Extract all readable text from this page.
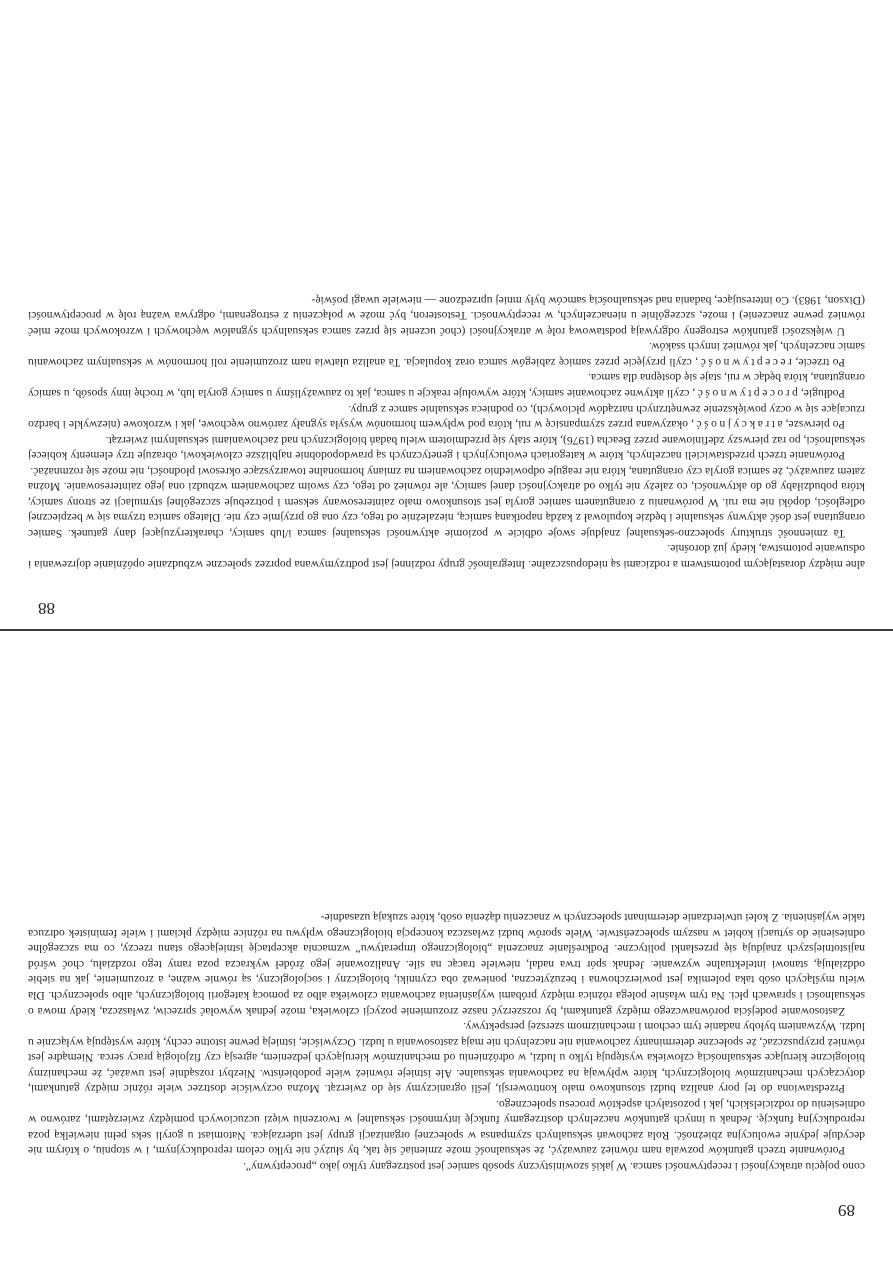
88

alne między dorastającym potomstwem a rodzicami są niedopuszczalne. Integralność grupy rodzinnej jest podtrzymywana poprzez społeczne wzbudzanie opóźnianie dojrzewania i odsuwanie potomstwa, kiedy już dorośnie.

Ta zmienność struktury społeczno-seksualnej znajduje swoje odbicie w poziomie aktywności seksualnej samca i/lub samicy, charakteryzującej dany gatunek. Samiec orangutana jest dość aktywny seksualnie i będzie kopulował z każdą napotkaną samicą, niezależnie od tego, czy ona go przyjmie czy nie. Dlatego samica trzyma się w bezpiecznej odległości, dopóki nie ma rui. W porównaniu z orangutanem samiec goryla jest stosunkowo mało zainteresowany seksem i potrzebuje szczególnej stymulacji ze strony samicy, która pobudziłaby go do aktywności, co zależy nie tylko od atrakcyjności danej samicy, ale również od tego, czy swoim zachowaniem wzbudzi ona jego zainteresowanie. Można zatem zauważyć, że samica goryla czy orangutana, która nie reaguje odpowiednio zachowaniem na zmiany hormonalne towarzyszące okresowi płodności, nie może się rozmnażać.

Porównanie trzech przedstawicieli naczelnych, które w kategoriach ewolucyjnych i genetycznych są prawdopodobnie najbliższe człowiekowi, obrazuje trzy elementy kobiecej seksualności, po raz pierwszy zdefiniowane przez Beacha (1976), które stały się przedmiotem wielu badań biologicznych nad zachowaniami seksualnymi zwierząt.

Po pierwsze, atrakcyjność, okazywana przez szympansicę w rui, która pod wpływem hormonów wysyła sygnały zarówno węchowe, jak i wzrokowe (niezwykle i bardzo rzucające się w oczy powiększenie zewnętrznych narządów płciowych), co podnieca seksualnie samce z grupy.

Podługie, proceptywność, czyli aktywne zachowanie samicy, które wywołuje reakcje u samca, jak to zauważyliśmy u samicy goryla lub, w trochę inny sposób, u samicy orangutana, która będąc w rui, staje się dostępna dla samca.

Po trzecie, receptywność, czyli przyjęcie przez samicę zabiegów samca oraz kopulacja. Ta analiza ułatwia nam zrozumienie roli hormonów w seksualnym zachowaniu samic naczelnych, jak również innych ssaków.

U większości gatunków estrogeny odgrywają podstawową rolę w atrakcyjności (choć uczenie się przez samca seksualnych sygnałów węchowych i wzrokowych może mieć również pewne znaczenie) i może, szczególnie u nienaczelnych, w receptywności. Testosteron, być może w połączeniu z estrogenami, odgrywa ważną rolę w proceptywności (Dixson, 1983). Co interesujące, badania nad seksualnością samców były mniej uprzedzone — niewiele uwagi poświę-

89

cono pojęciu atrakcyjności i receptywności samca. W jakiś szowinistyczny sposób samiec jest postrzegany tylko jako „proceptywny”.

Porównanie trzech gatunków pozwala nam również zauważyć, że seksualność może zmieniać się tak, by służyć nie tylko celom reprodukcyjnym, i w stopniu, o którym nie decyduje jedynie ewolucyjna zbieżność. Rola zachowań seksualnych szympansa w społecznej organizacji grupy jest uderzająca. Natomiast u goryli seks pełni niewielką poza reprodukcyjną funkcję. Jednak u innych gatunków naczelnych dostrzegamy funkcję intymności seksualnej w tworzeniu więzi uczuciowych pomiędzy zwierzętami, zarówno w odniesieniu do rodzicielskich, jak i pozostałych aspektów procesu społecznego.

Przedstawiona do tej pory analiza budzi stosunkowo mało kontrowersji, jeśli ograniczymy się do zwierząt. Można oczywiście dostrzec wiele różnic między gatunkami, dotyczących mechanizmów biologicznych, które wpływają na zachowania seksualne. Ale istnieje również wiele podobieństw. Niezbyt rozsądnie jest uważać, że mechanizmy biologiczne kierujące seksualnością człowieka występują tylko u ludzi, w odróżnieniu od mechanizmów kierujących jedzeniem, agresją czy fizjologią pracy serca. Niemądre jest również przypuszczać, że społeczne determinanty zachowania nie naczelnych nie mają zastosowania u ludzi. Oczywiście, istnieją pewne istotne cechy, które występują wyłącznie u ludzi. Wyzwaniem byłoby nadanie tym cechom i mechanizmom szerszej perspektywy.

Zastosowanie podejścia porównawczego między gatunkami, by rozszerzyć nasze zrozumienie pozycji człowieka, może jednak wywołać sprzeciw, zwłaszcza, kiedy mowa o seksualności i sprawach płci. Na tym właśnie polega różnica między próbami wyjaśnienia zachowania człowieka albo za pomocą kategorii biologicznych, albo społecznych. Dla wielu myślących osób taka polemika jest powierzchowna i bezużyteczna, ponieważ oba czynniki, biologiczny i socjologiczny, są równie ważne, a zrozumienie, jak na siebie oddziałują, stanowi intelektualne wyzwanie. Jednak spór trwa nadal, niewiele tracąc na sile. Analizowanie jego źródeł wykracza poza ramy tego rozdziału, choć wśród najistotniejszych znajdują się przesłanki polityczne. Podkreślanie znaczenia „biologicznego imperatywu” wzmacnia akceptację istniejącego stanu rzeczy, co ma szczególne odniesienie do sytuacji kobiet w naszym społeczeństwie. Wiele sporów budzi zwłaszcza koncepcja biologicznego wpływu na różnice między płciami i wiele feministek odrzuca takie wyjaśnienia. Z kolei utwierdzanie determinant społecznych w znaczeniu dążenia osób, które szukają uzasadnie-
